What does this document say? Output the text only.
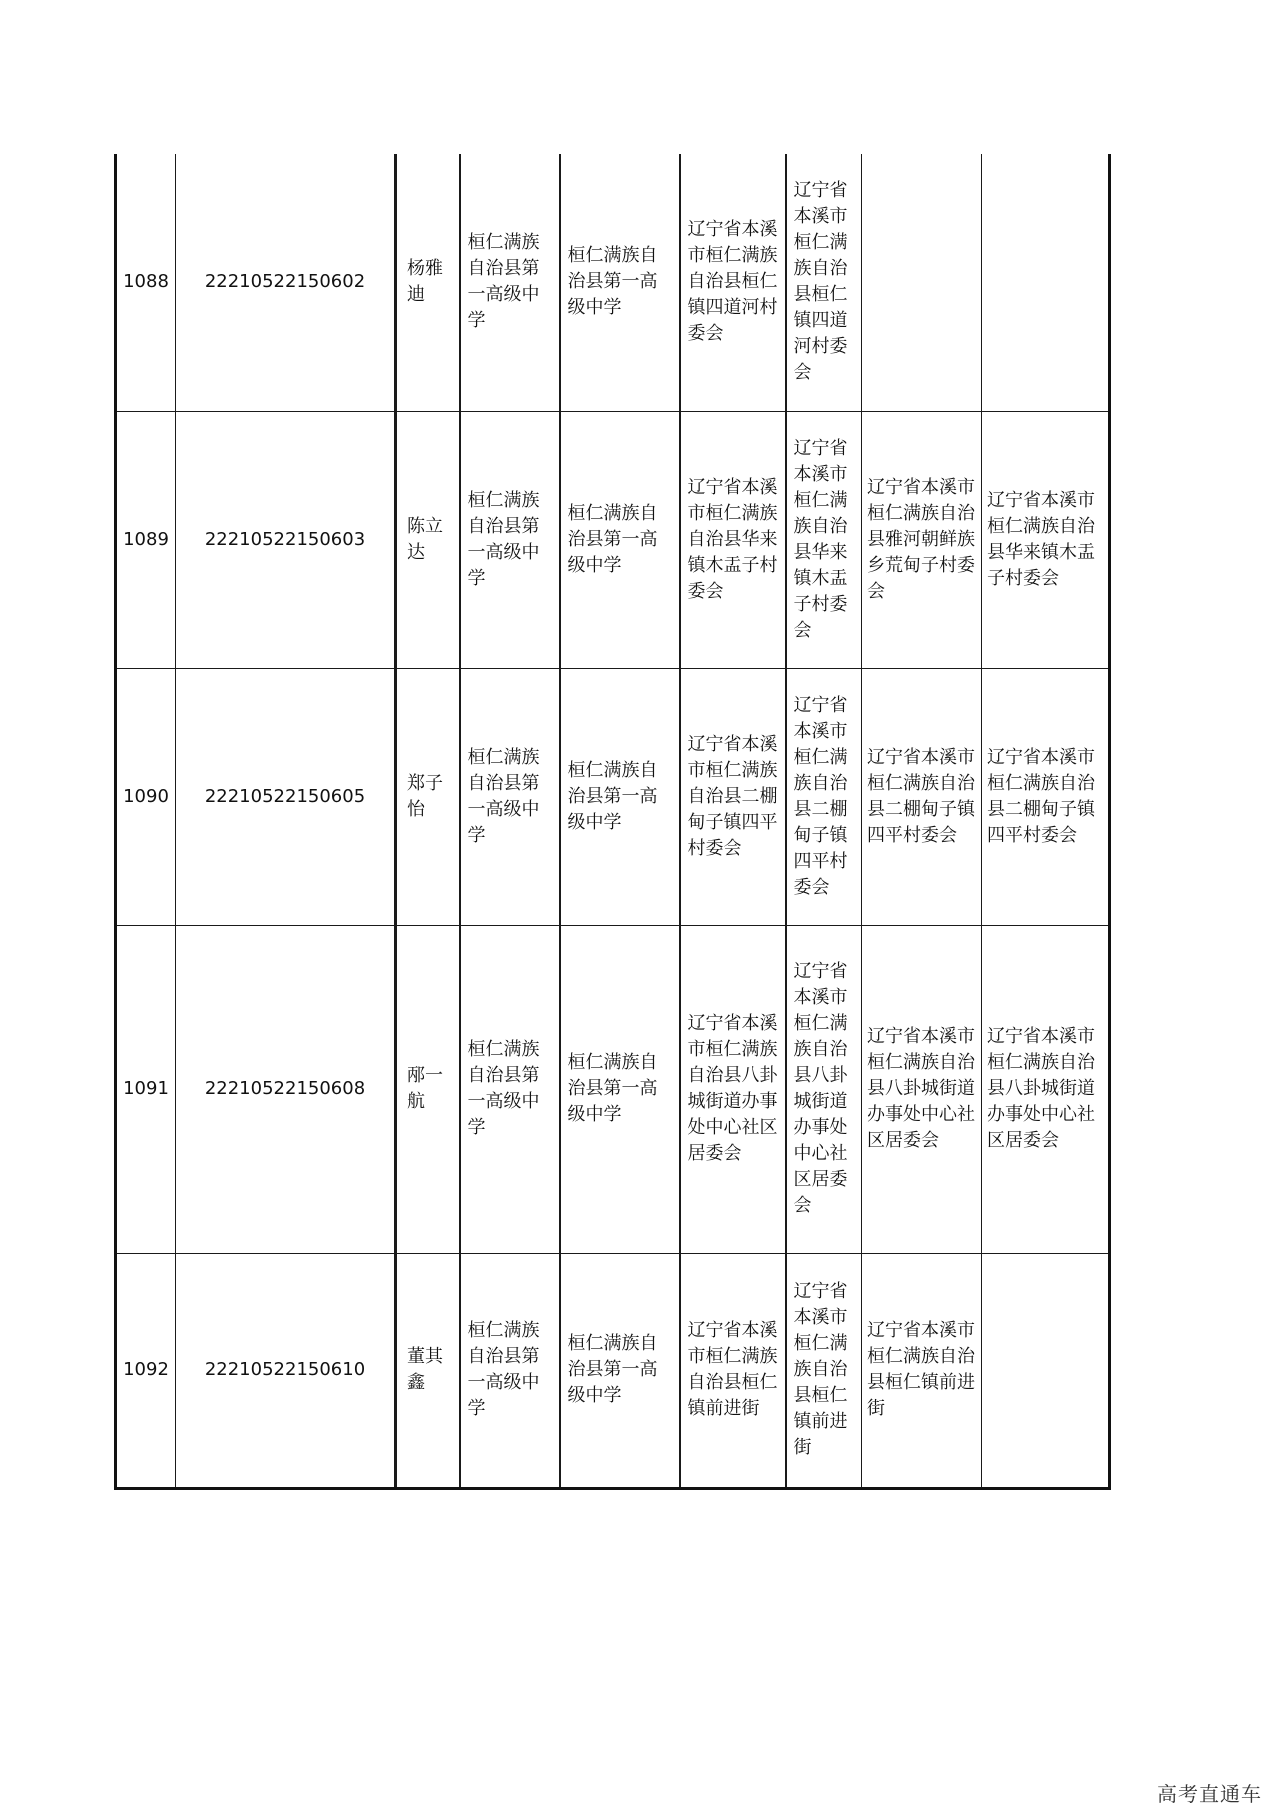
1088	22210522150602	杨雅迪	桓仁满族自治县第一高级中学	桓仁满族自治县第一高级中学	辽宁省本溪市桓仁满族自治县桓仁镇四道河村委会	辽宁省本溪市桓仁满族自治县桓仁镇四道河村委会		

1089	22210522150603	陈立达	桓仁满族自治县第一高级中学	桓仁满族自治县第一高级中学	辽宁省本溪市桓仁满族自治县华来镇木盂子村委会	辽宁省本溪市桓仁满族自治县华来镇木盂子村委会	辽宁省本溪市桓仁满族自治县雅河朝鲜族乡荒甸子村委会	辽宁省本溪市桓仁满族自治县华来镇木盂子村委会

1090	22210522150605	郑子怡	桓仁满族自治县第一高级中学	桓仁满族自治县第一高级中学	辽宁省本溪市桓仁满族自治县二棚甸子镇四平村委会	辽宁省本溪市桓仁满族自治县二棚甸子镇四平村委会	辽宁省本溪市桓仁满族自治县二棚甸子镇四平村委会	辽宁省本溪市桓仁满族自治县二棚甸子镇四平村委会

1091	22210522150608	邴一航	桓仁满族自治县第一高级中学	桓仁满族自治县第一高级中学	辽宁省本溪市桓仁满族自治县八卦城街道办事处中心社区居委会	辽宁省本溪市桓仁满族自治县八卦城街道办事处中心社区居委会	辽宁省本溪市桓仁满族自治县八卦城街道办事处中心社区居委会	辽宁省本溪市桓仁满族自治县八卦城街道办事处中心社区居委会

1092	22210522150610	董其鑫	桓仁满族自治县第一高级中学	桓仁满族自治县第一高级中学	辽宁省本溪市桓仁满族自治县桓仁镇前进街	辽宁省本溪市桓仁满族自治县桓仁镇前进街	辽宁省本溪市桓仁满族自治县桓仁镇前进街	

高考直通车
